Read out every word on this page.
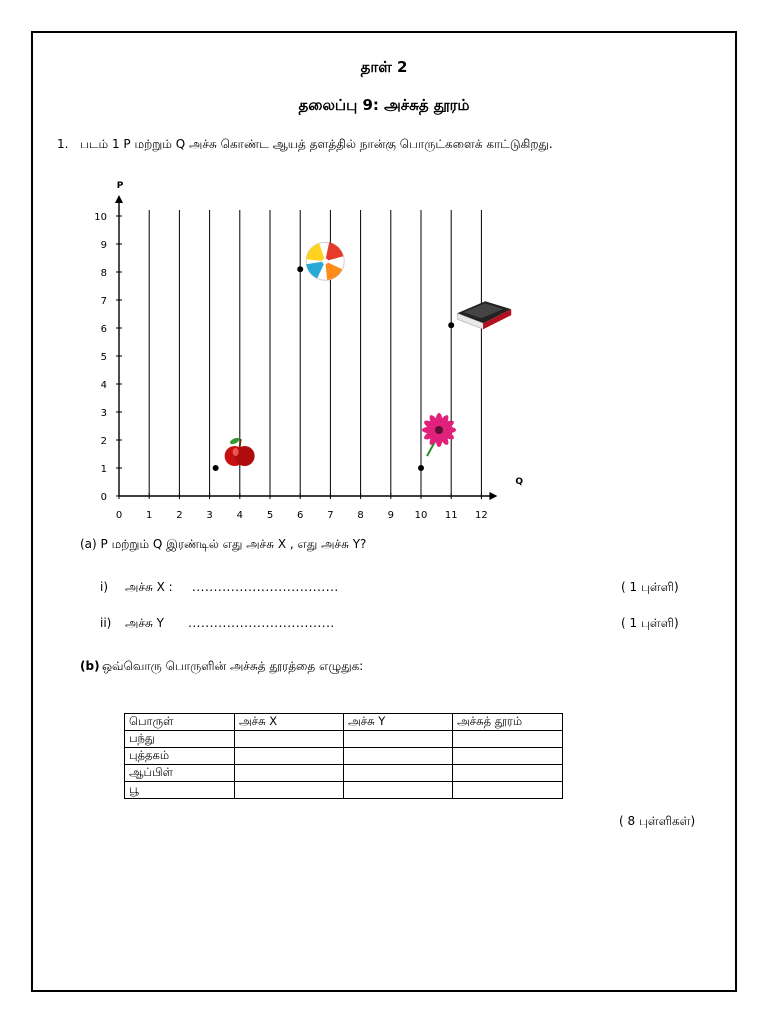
தாள் 2
தலைப்பு 9: அச்சுத் தூரம்
1. படம் 1 P மற்றும் Q அச்சு கொண்ட ஆயத் தளத்தில் நான்கு பொருட்களைக் காட்டுகிறது.
0 1 2 3 4 5 6 7 8 9 10 11 12
0
1
2
3
4
5
6
7
8
9
10
P
Q
(a) P மற்றும் Q இரண்டில் எது அச்சு X , எது அச்சு Y?
i) அச்சு X : ..................................	( 1 புள்ளி)
ii) அச்சு Y ..................................	( 1 புள்ளி)
(b) ஒவ்வொரு பொருளின் அச்சுத் தூரத்தை எழுதுக:
பொருள்	அச்சு X	அச்சு Y	அச்சுத் தூரம்
பந்து			
புத்தகம்			
ஆப்பிள்			
பூ			
( 8 புள்ளிகள்)
